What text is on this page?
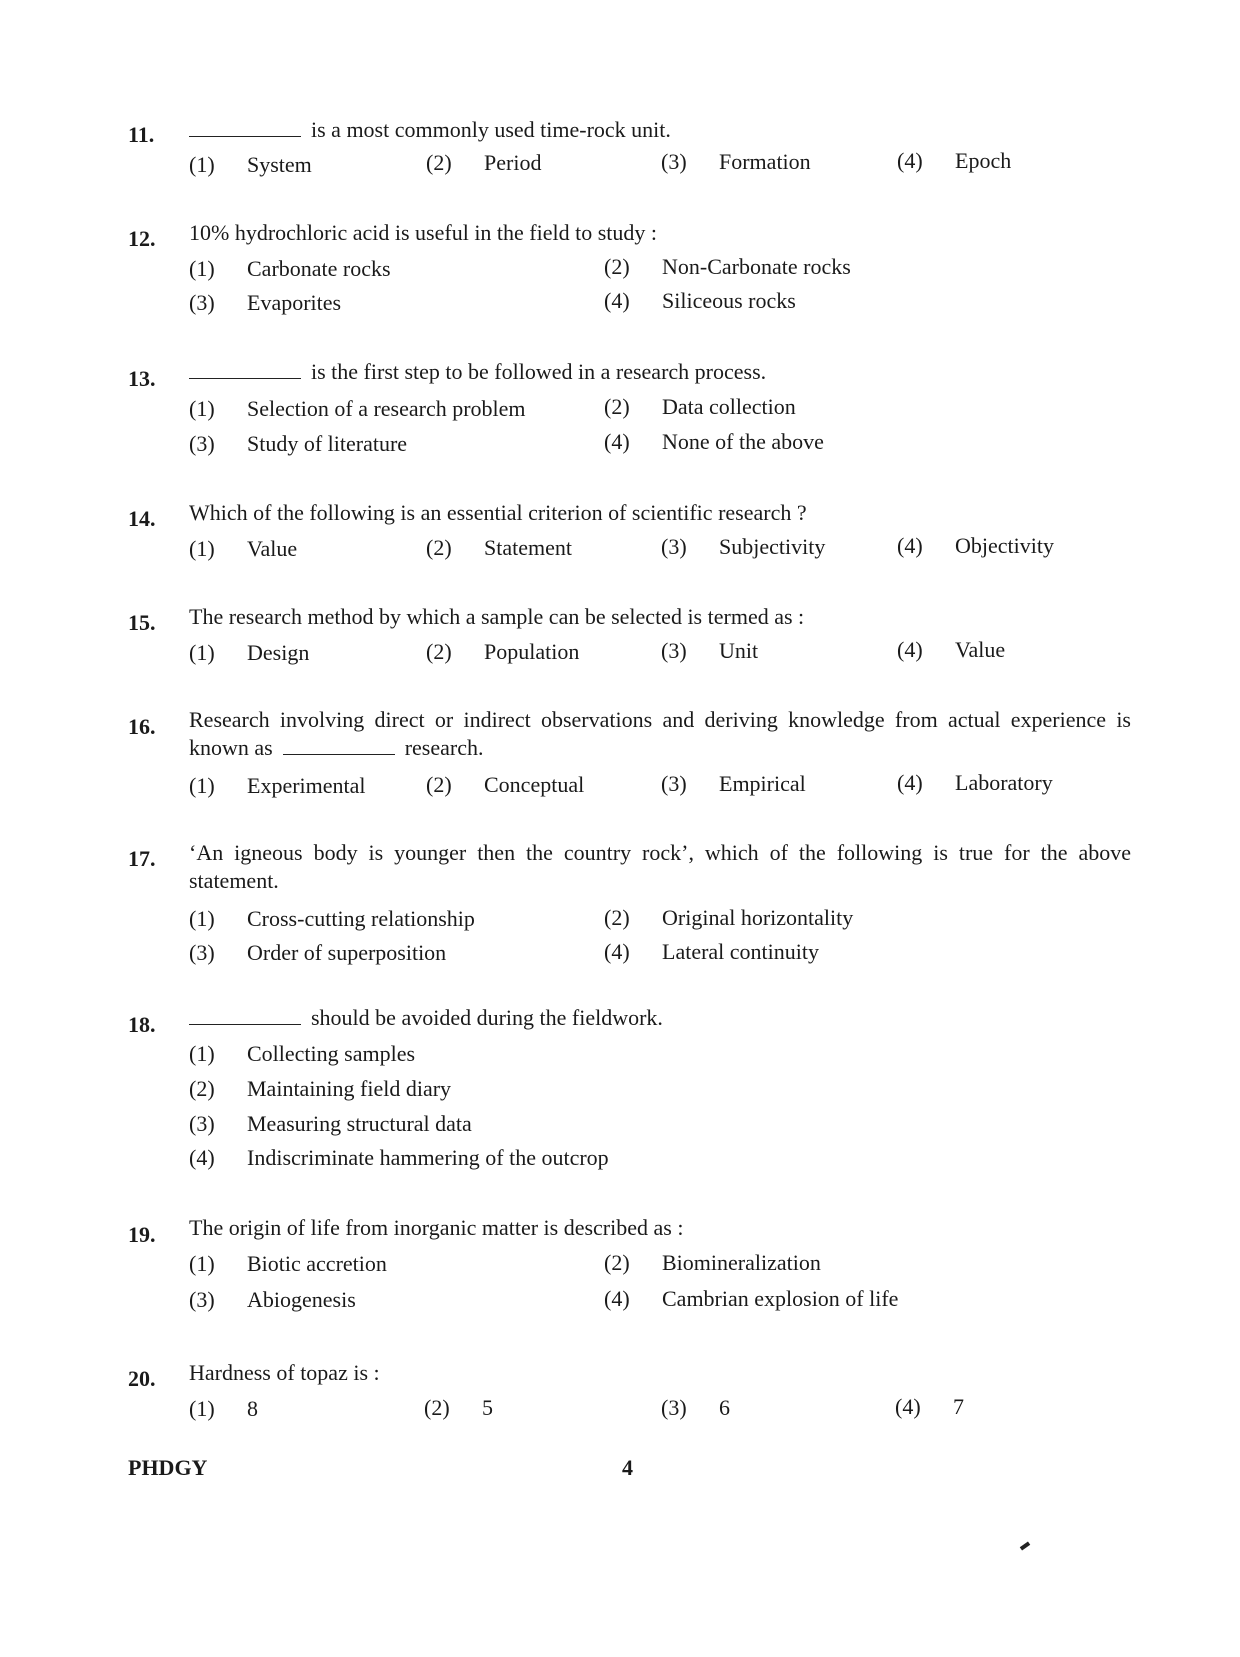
11.	is a most commonly used time-rock unit.
(1) System	(2) Period	(3) Formation	(4) Epoch
12. 10% hydrochloric acid is useful in the field to study :
(1) Carbonate rocks	(2) Non-Carbonate rocks
(3) Evaporites	(4) Siliceous rocks
13.	is the first step to be followed in a research process.
(1) Selection of a research problem	(2) Data collection
(3) Study of literature	(4) None of the above
14. Which of the following is an essential criterion of scientific research ?
(1) Value	(2) Statement	(3) Subjectivity	(4) Objectivity
15. The research method by which a sample can be selected is termed as :
(1) Design	(2) Population	(3) Unit	(4) Value
16. Research involving direct or indirect observations and deriving knowledge from actual experience is known as	research.
(1) Experimental	(2) Conceptual	(3) Empirical	(4) Laboratory
17. ‘An igneous body is younger then the country rock’, which of the following is true for the above statement.
(1) Cross-cutting relationship	(2) Original horizontality
(3) Order of superposition	(4) Lateral continuity
18.	should be avoided during the fieldwork.
(1) Collecting samples
(2) Maintaining field diary
(3) Measuring structural data
(4) Indiscriminate hammering of the outcrop
19. The origin of life from inorganic matter is described as :
(1) Biotic accretion	(2) Biomineralization
(3) Abiogenesis	(4) Cambrian explosion of life
20. Hardness of topaz is :
(1) 8	(2) 5	(3) 6	(4) 7
PHDGY	4
